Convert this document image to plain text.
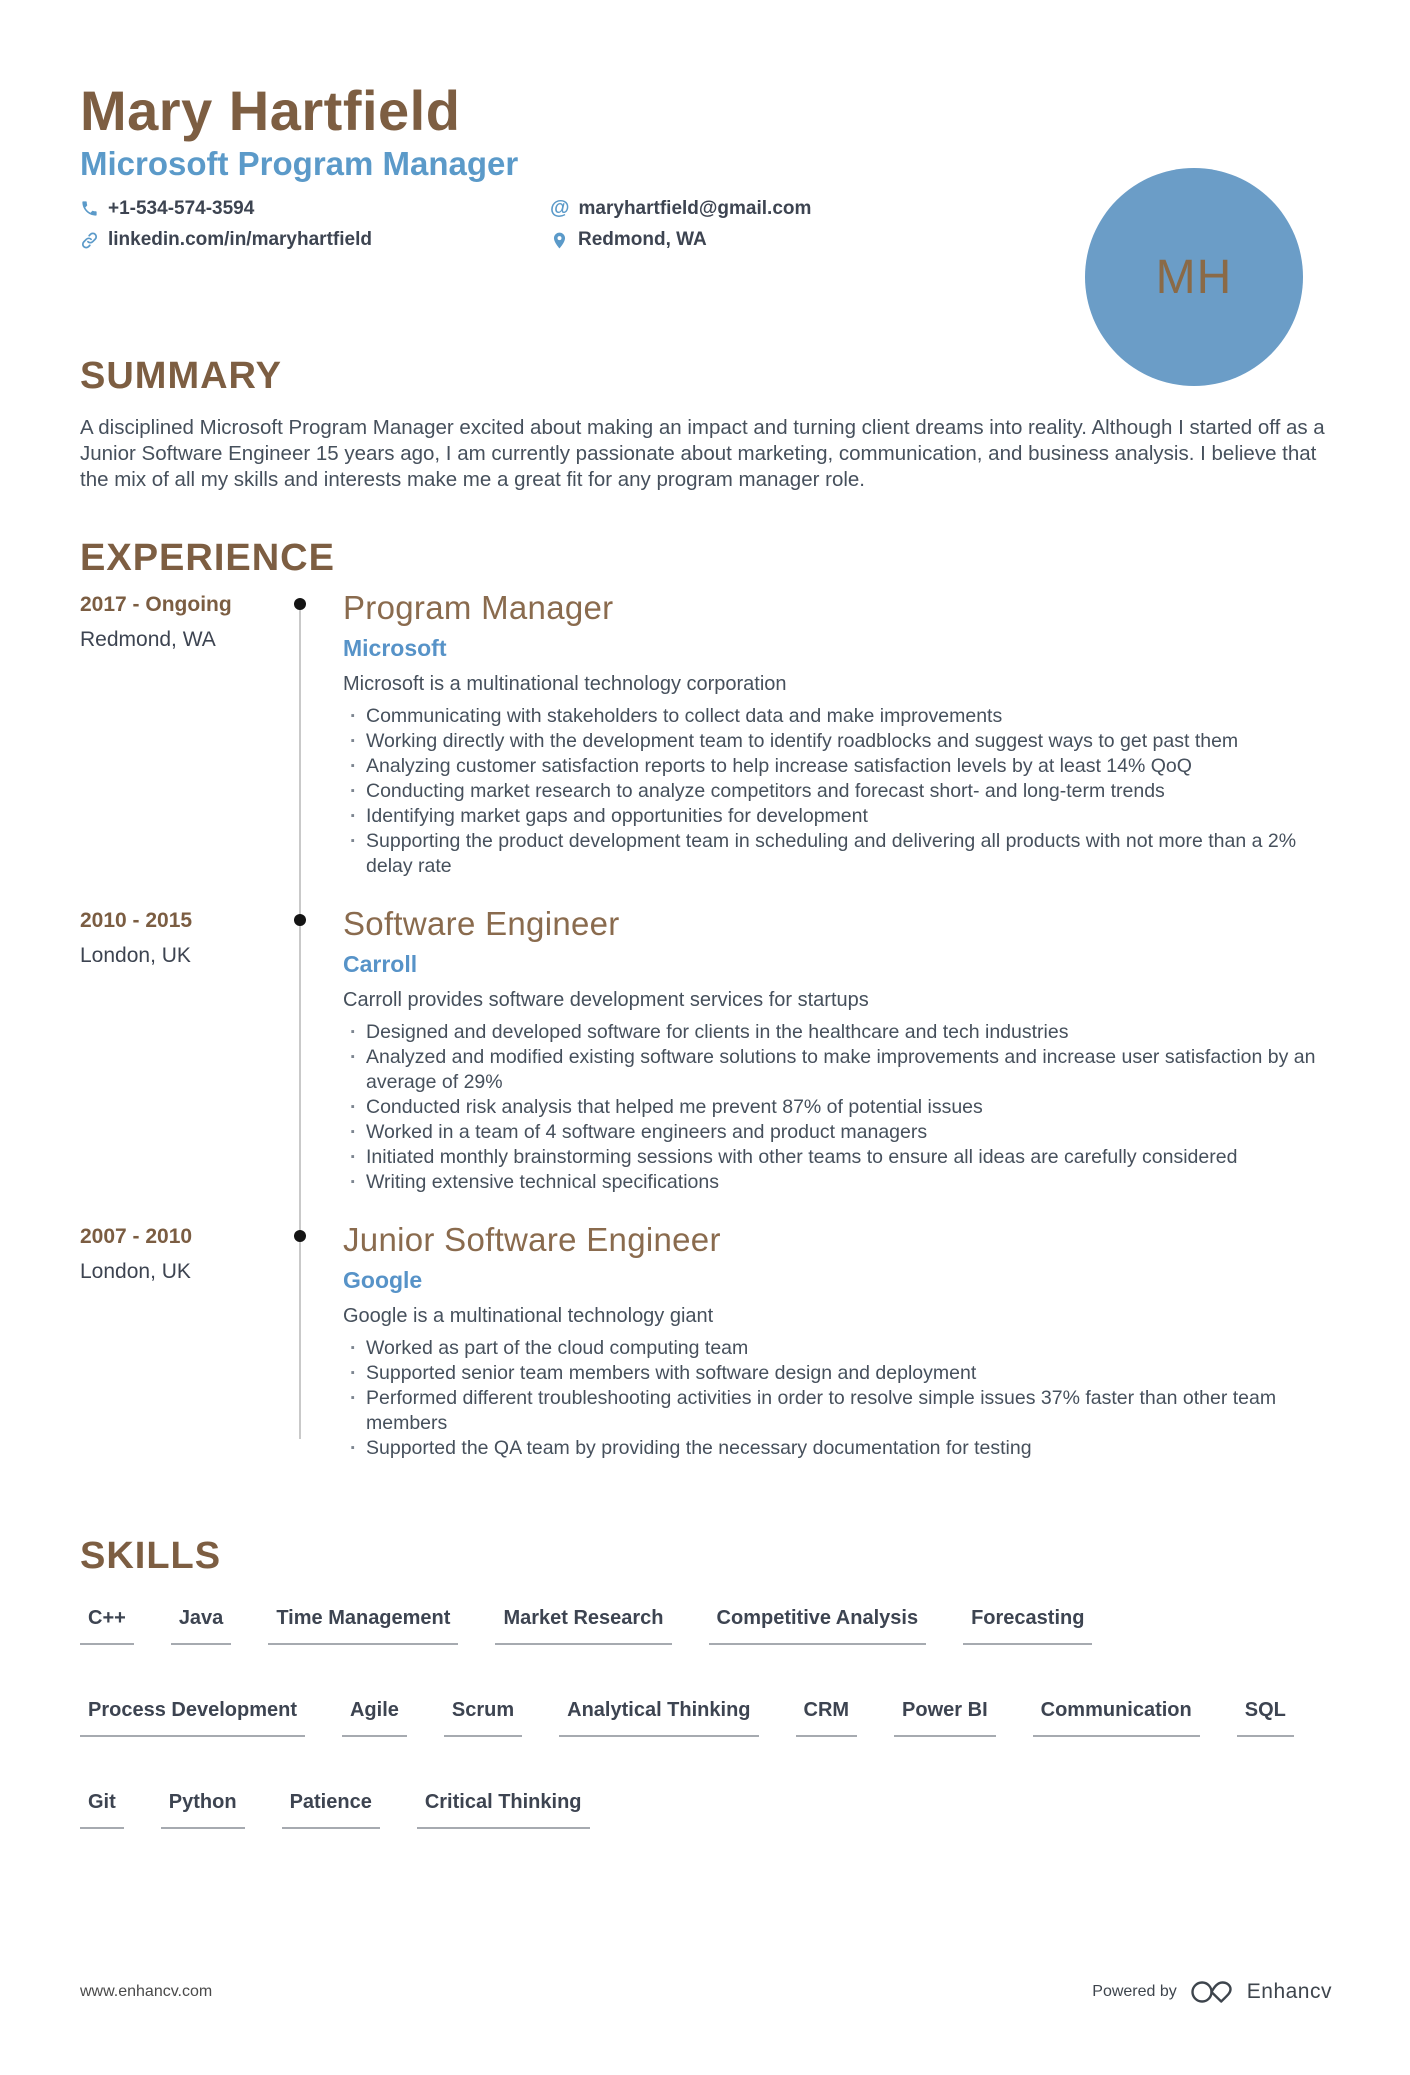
Mary Hartfield
Microsoft Program Manager
+1-534-574-3594	@ maryhartfield@gmail.com
linkedin.com/in/maryhartfield	Redmond, WA
MH
SUMMARY
A disciplined Microsoft Program Manager excited about making an impact and turning client dreams into reality. Although I started off as a Junior Software Engineer 15 years ago, I am currently passionate about marketing, communication, and business analysis. I believe that the mix of all my skills and interests make me a great fit for any program manager role.
EXPERIENCE
2017 - Ongoing
Redmond, WA
Program Manager
Microsoft
Microsoft is a multinational technology corporation
· Communicating with stakeholders to collect data and make improvements
· Working directly with the development team to identify roadblocks and suggest ways to get past them
· Analyzing customer satisfaction reports to help increase satisfaction levels by at least 14% QoQ
· Conducting market research to analyze competitors and forecast short- and long-term trends
· Identifying market gaps and opportunities for development
· Supporting the product development team in scheduling and delivering all products with not more than a 2% delay rate
2010 - 2015
London, UK
Software Engineer
Carroll
Carroll provides software development services for startups
· Designed and developed software for clients in the healthcare and tech industries
· Analyzed and modified existing software solutions to make improvements and increase user satisfaction by an average of 29%
· Conducted risk analysis that helped me prevent 87% of potential issues
· Worked in a team of 4 software engineers and product managers
· Initiated monthly brainstorming sessions with other teams to ensure all ideas are carefully considered
· Writing extensive technical specifications
2007 - 2010
London, UK
Junior Software Engineer
Google
Google is a multinational technology giant
· Worked as part of the cloud computing team
· Supported senior team members with software design and deployment
· Performed different troubleshooting activities in order to resolve simple issues 37% faster than other team members
· Supported the QA team by providing the necessary documentation for testing
SKILLS
C++	Java	Time Management	Market Research	Competitive Analysis	Forecasting
Process Development	Agile	Scrum	Analytical Thinking	CRM	Power BI	Communication	SQL
Git	Python	Patience	Critical Thinking
www.enhancv.com	Powered by	Enhancv
